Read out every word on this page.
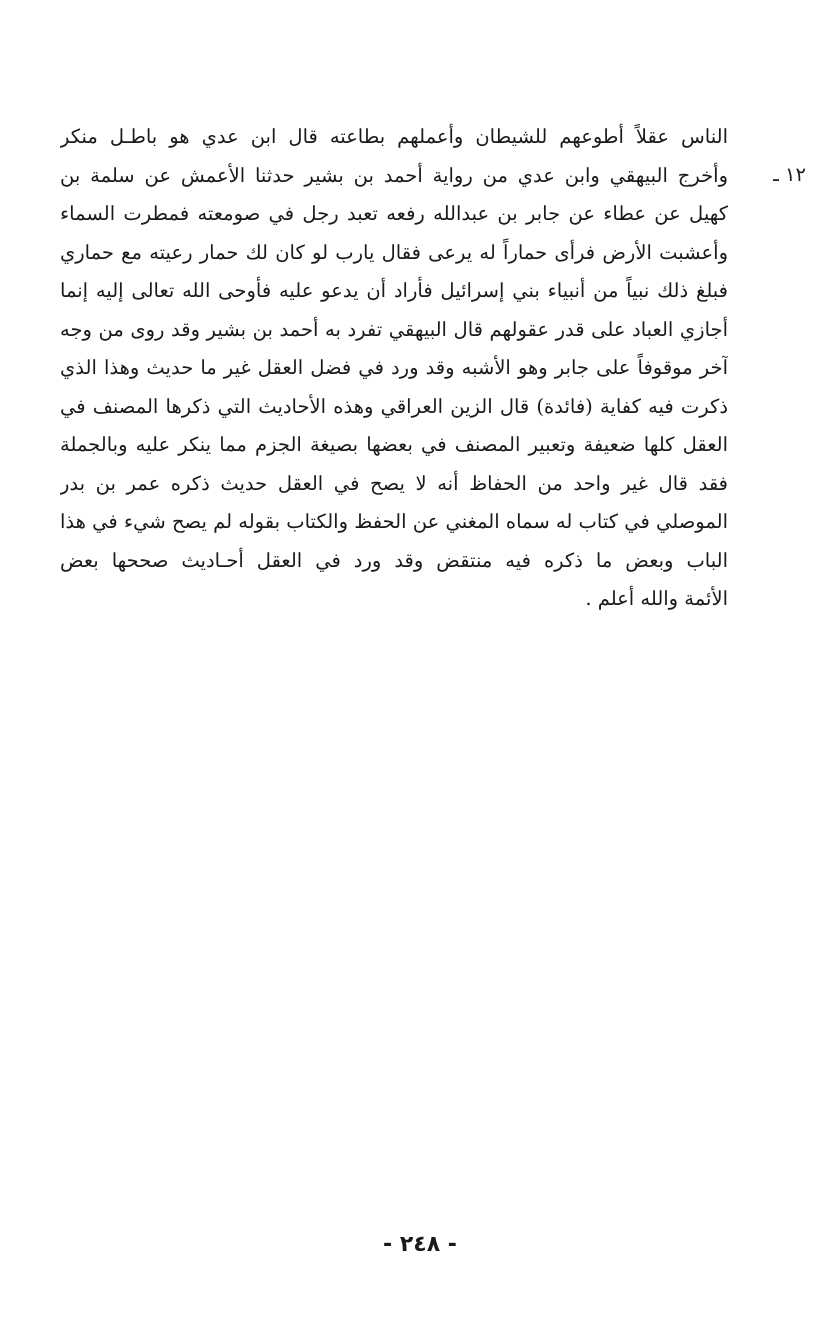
١٢ ـ
الناس عقلاً أطوعهم للشيطان وأعملهم بطاعته قال ابن عدي هو باطـل منكر
وأخرج البيهقي وابن عدي من رواية أحمد بن بشير حدثنا الأعمش عن سلمة بن
كهيل عن عطاء عن جابر بن عبدالله رفعه تعبد رجل في صومعته فمطرت السماء
وأعشبت الأرض فرأى حماراً له يرعى فقال يارب لو كان لك حمار رعيته مع حماري
فبلغ ذلك نبياً من أنبياء بني إسرائيل فأراد أن يدعو عليه فأوحى الله تعالى إليه إنما
أجازي العباد على قدر عقولهم قال البيهقي تفرد به أحمد بن بشير وقد روى من وجه
آخر موقوفاً على جابر وهو الأشبه وقد ورد في فضل العقل غير ما حديث وهذا الذي
ذكرت فيه كفاية (فائدة) قال الزين العراقي وهذه الأحاديث التي ذكرها المصنف في
العقل كلها ضعيفة وتعبير المصنف في بعضها بصيغة الجزم مما ينكر عليه وبالجملة
فقد قال غير واحد من الحفاظ أنه لا يصح في العقل حديث ذكره عمر بن بدر
الموصلي في كتاب له سماه المغني عن الحفظ والكتاب بقوله لم يصح شيء في هذا
الباب وبعض ما ذكره فيه منتقض وقد ورد في العقل أحـاديث صححها بعض
الأئمة والله أعلم .
- ٢٤٨ -
